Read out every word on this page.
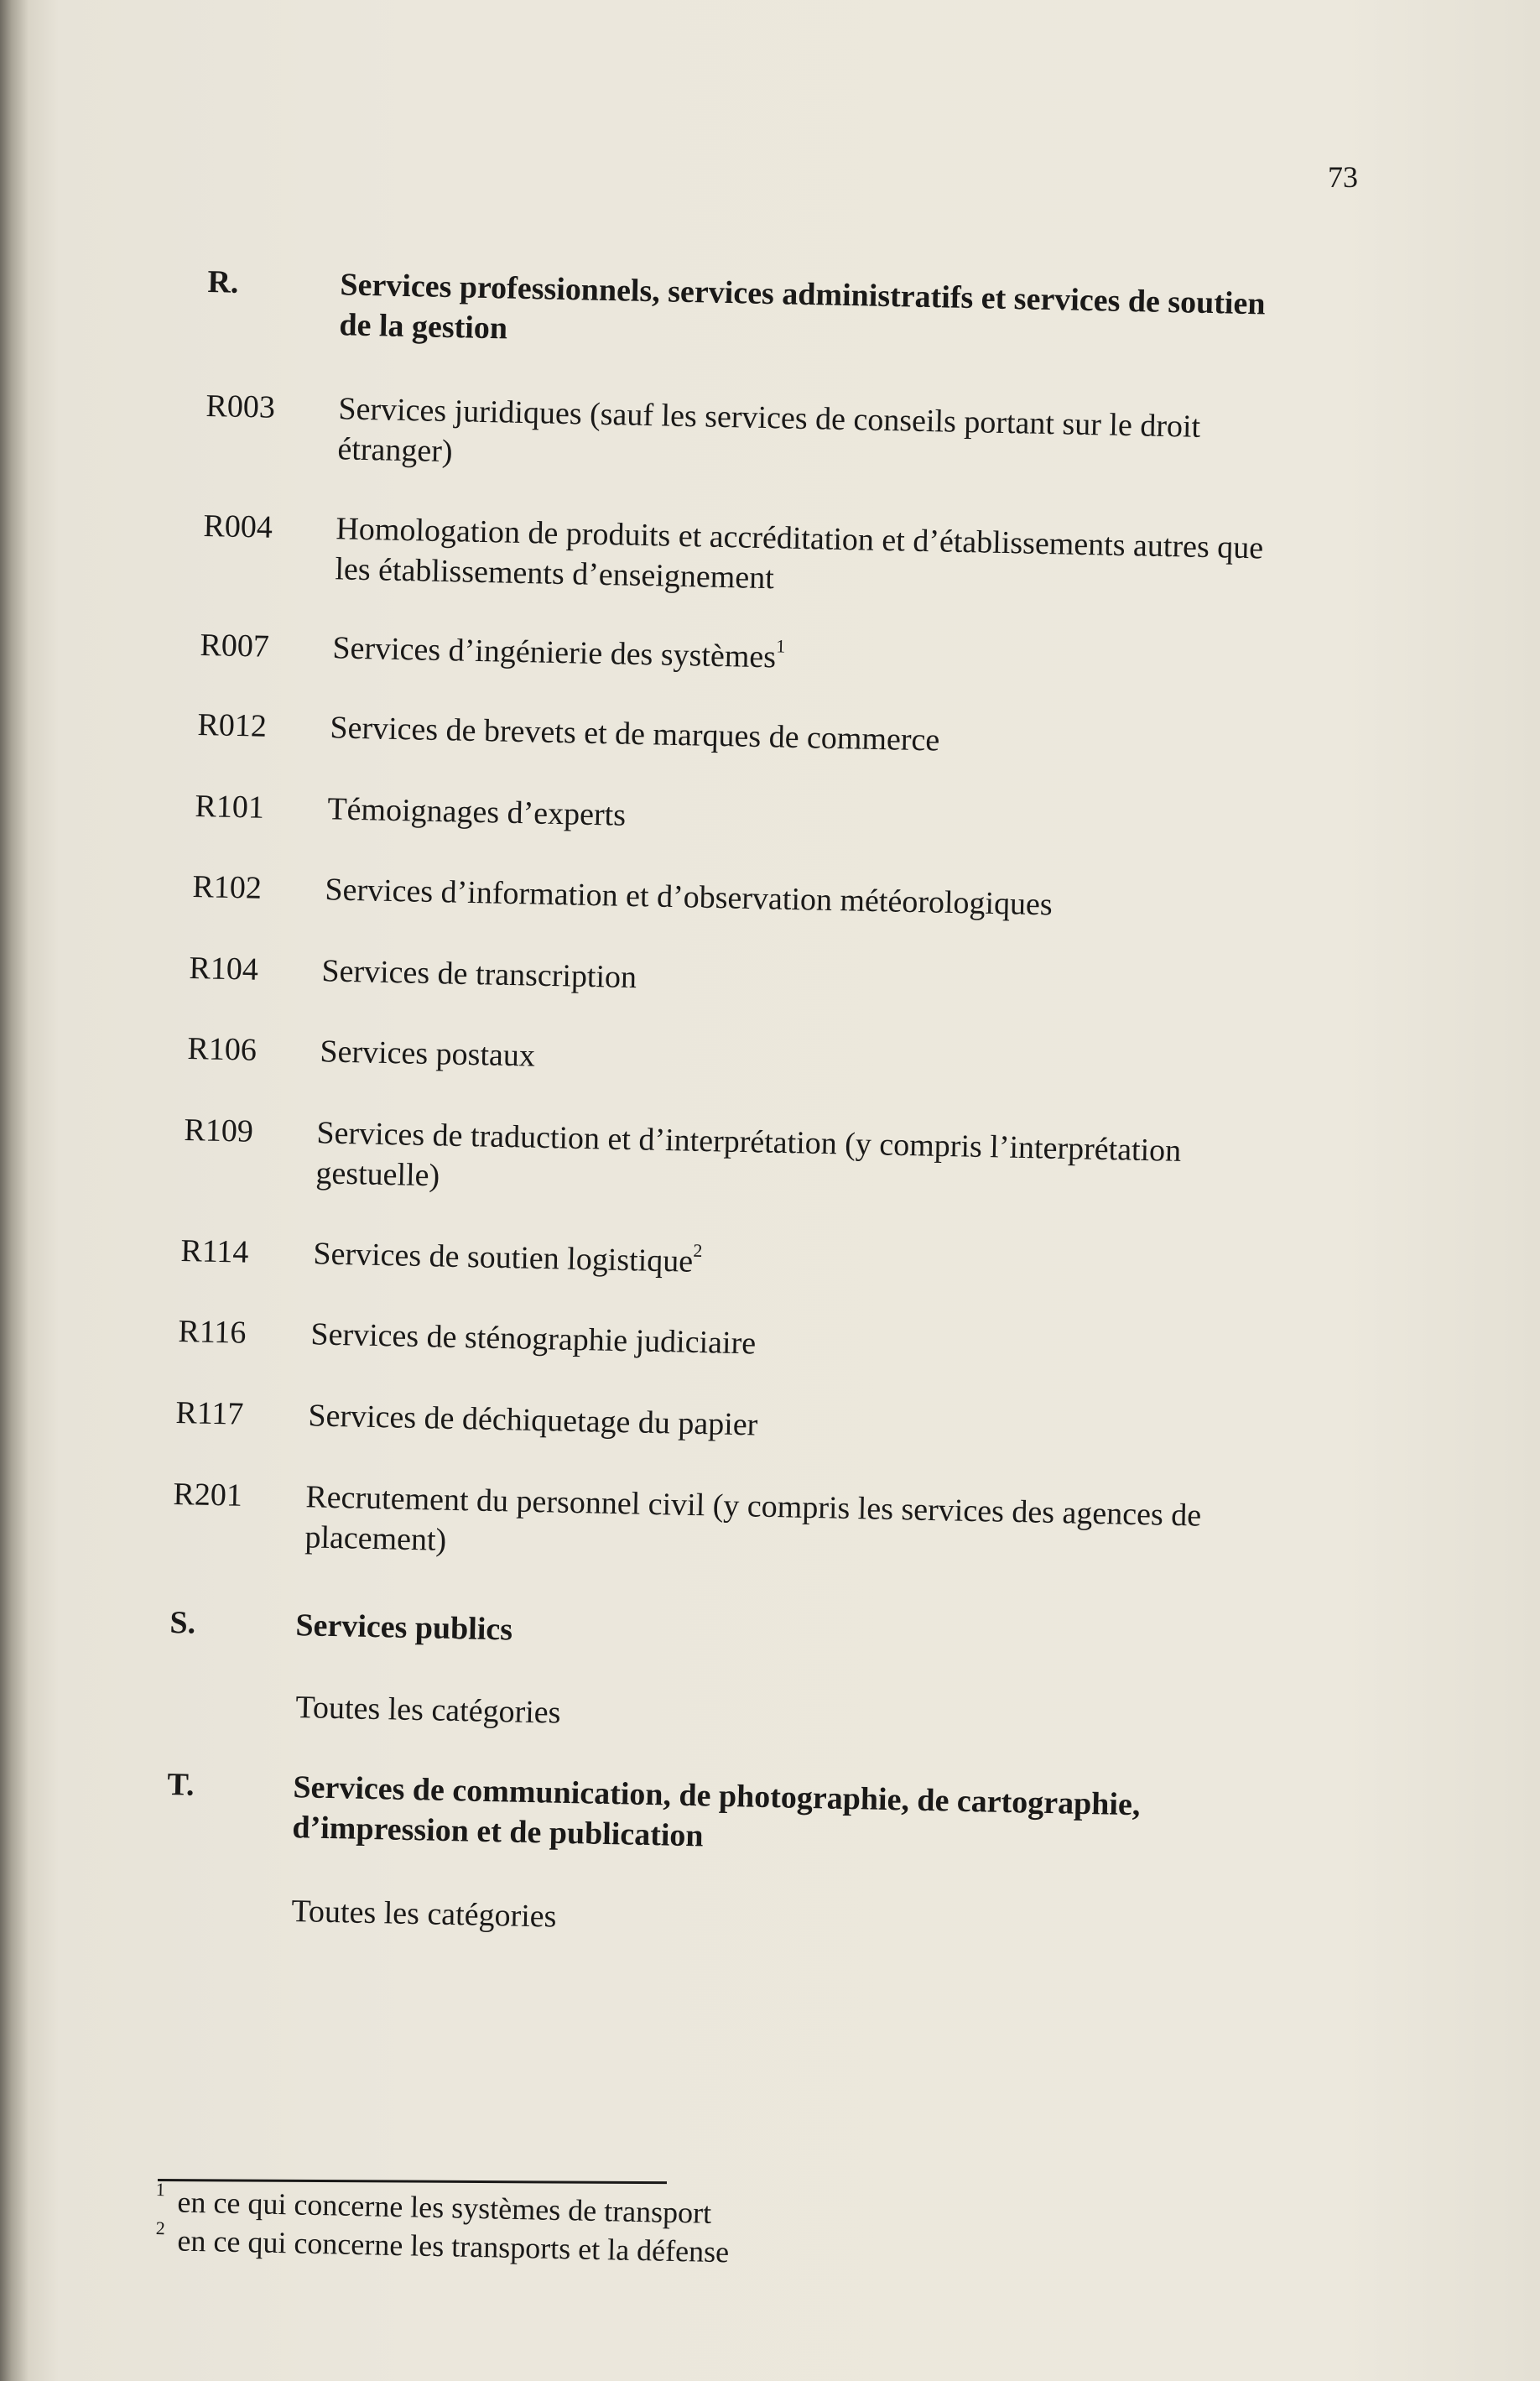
73
R.	Services professionnels, services administratifs et services de soutien de la gestion
R003	Services juridiques (sauf les services de conseils portant sur le droit étranger)
R004	Homologation de produits et accréditation et d’établissements autres que les établissements d’enseignement
R007	Services d’ingénierie des systèmes$^1$
R012	Services de brevets et de marques de commerce
R101	Témoignages d’experts
R102	Services d’information et d’observation météorologiques
R104	Services de transcription
R106	Services postaux
R109	Services de traduction et d’interprétation (y compris l’interprétation gestuelle)
R114	Services de soutien logistique$^2$
R116	Services de sténographie judiciaire
R117	Services de déchiquetage du papier
R201	Recrutement du personnel civil (y compris les services des agences de placement)
S.	Services publics
Toutes les catégories
T.	Services de communication, de photographie, de cartographie, d’impression et de publication
Toutes les catégories
1 en ce qui concerne les systèmes de transport
2 en ce qui concerne les transports et la défense
